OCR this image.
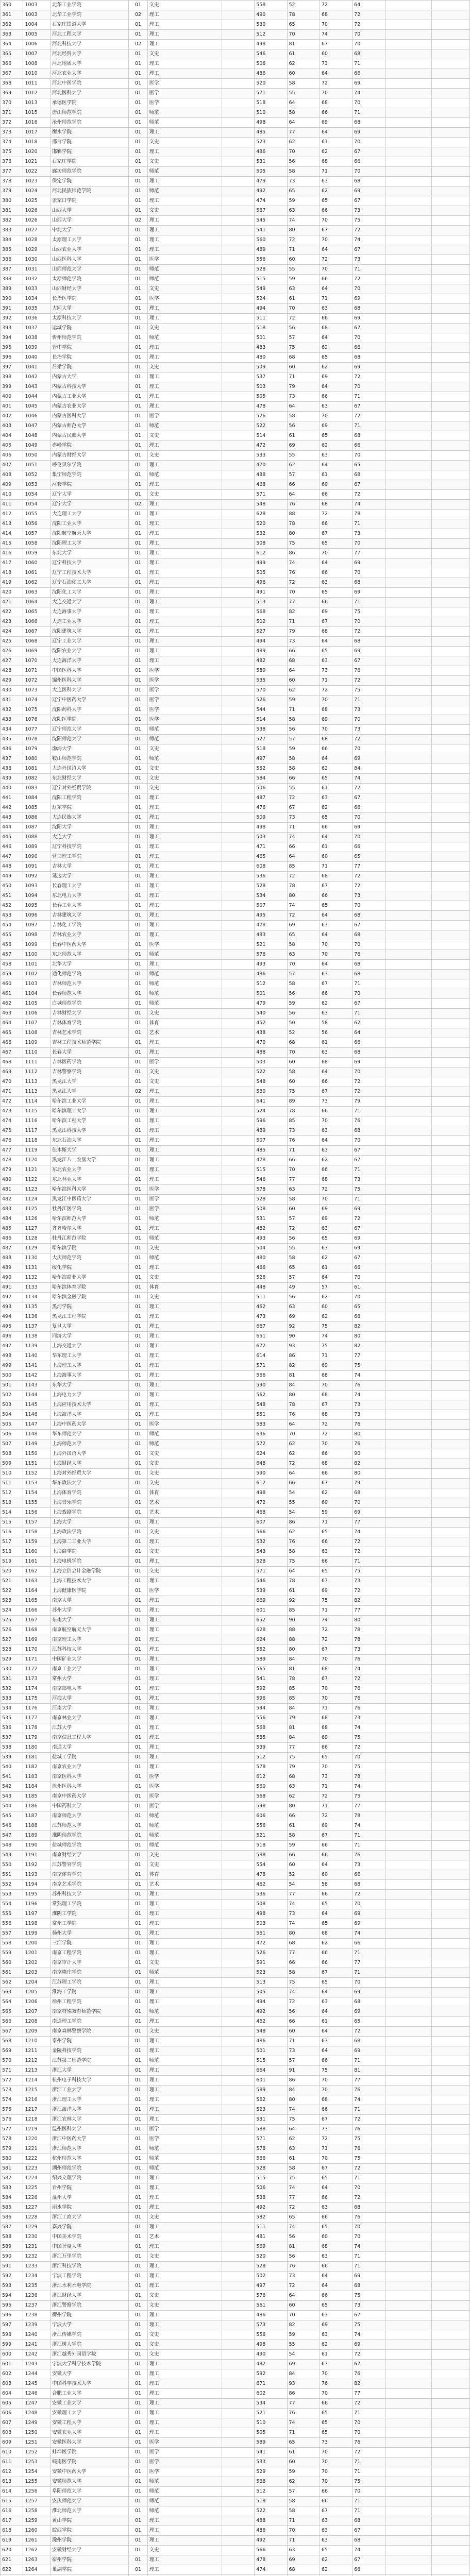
360	1003	北华工业学院	01	文史		558	52	72	64		
361	1003	北华工业学院	02	理工		490	78	68	72		
362	1004	石家庄铁道大学	01	理工		530	65	70	72		
363	1005	河北工程大学	01	理工		512	70	74	70		
364	1006	河北科技大学	02	理工		498	81	67	70		
365	1007	河北经贸大学	01	文史		546	61	60	68		
366	1008	河北地质大学	01	理工		506	62	73	71		
367	1010	河北农业大学	01	理工		486	60	64	66		
368	1011	河北中医学院	01	医学		520	58	72	69		
369	1012	河北医科大学	01	医学		571	55	70	74		
370	1013	承德医学院	01	医学		518	64	68	70		
371	1015	唐山师范学院	01	师范		510	58	66	71		
372	1016	沧州师范学院	01	师范		498	64	69	68		
373	1017	衡水学院	01	理工		485	77	64	69		
374	1018	邢台学院	01	文史		523	62	61	70		
375	1020	邯郸学院	01	理工		486	70	62	67		
376	1021	石家庄学院	01	文史		531	56	68	66		
377	1022	廊坊师范学院	01	师范		505	58	71	70		
378	1023	保定学院	01	理工		479	73	63	68		
379	1024	河北民族师范学院	01	师范		492	65	62	69		
380	1025	张家口学院	01	理工		474	59	65	67		
381	1026	山西大学	01	文史		567	63	66	73		
382	1026	山西大学	02	理工		545	74	70	75		
383	1027	中北大学	01	理工		541	80	67	72		
384	1028	太原理工大学	01	理工		560	72	70	74		
385	1029	山西农业大学	01	理工		489	71	64	67		
386	1030	山西医科大学	01	医学		556	60	72	73		
387	1031	山西师范大学	01	师范		528	55	70	71		
388	1032	太原师范学院	01	师范		515	59	66	72		
389	1033	山西财经大学	01	文史		549	63	64	70		
390	1034	长治医学院	01	医学		524	61	71	69		
391	1035	大同大学	01	理工		494	70	63	68		
392	1036	太原科技大学	01	理工		511	72	66	69		
393	1037	运城学院	01	文史		518	56	68	67		
394	1038	忻州师范学院	01	师范		501	57	64	70		
395	1039	晋中学院	01	理工		483	75	62	66		
396	1040	长治学院	01	理工		480	68	65	68		
397	1041	吕梁学院	01	文史		509	60	62	69		
398	1042	内蒙古大学	01	理工		537	71	69	72		
399	1043	内蒙古科技大学	01	理工		503	79	64	70		
400	1044	内蒙古工业大学	01	理工		505	73	66	71		
401	1045	内蒙古农业大学	01	理工		478	64	63	67		
402	1046	内蒙古医科大学	01	医学		526	58	70	72		
403	1047	内蒙古师范大学	01	师范		522	56	69	71		
404	1048	内蒙古民族大学	01	文史		514	61	65	68		
405	1049	赤峰学院	01	理工		472	69	62	66		
406	1050	内蒙古财经大学	01	文史		533	55	63	70		
407	1051	呼伦贝尔学院	01	理工		470	62	64	65		
408	1052	集宁师范学院	01	师范		488	57	61	68		
409	1053	河套学院	01	理工		468	66	60	67		
410	1054	辽宁大学	01	文史		571	64	66	72		
411	1054	辽宁大学	02	理工		548	76	68	74		
412	1055	大连理工大学	01	理工		628	88	72	78		
413	1056	沈阳工业大学	01	理工		520	78	66	71		
414	1057	沈阳航空航天大学	01	理工		532	80	67	73		
415	1058	沈阳理工大学	01	理工		508	75	65	70		
416	1059	东北大学	01	理工		612	86	70	77		
417	1060	辽宁科技大学	01	理工		499	74	64	69		
418	1061	辽宁工程技术大学	01	理工		505	76	66	70		
419	1062	辽宁石油化工大学	01	理工		496	72	63	68		
420	1063	沈阳化工大学	01	理工		491	70	65	69		
421	1064	大连交通大学	01	理工		513	77	66	71		
422	1065	大连海事大学	01	理工		568	82	69	75		
423	1066	大连工业大学	01	理工		502	71	67	70		
424	1067	沈阳建筑大学	01	理工		527	79	68	72		
425	1068	辽宁工业大学	01	理工		494	73	64	68		
426	1069	沈阳农业大学	01	理工		489	66	65	69		
427	1070	大连海洋大学	01	理工		482	68	63	67		
428	1071	中国医科大学	01	医学		589	64	73	76		
429	1072	锦州医科大学	01	医学		535	60	71	72		
430	1073	大连医科大学	01	医学		570	62	72	75		
431	1074	辽宁中医药大学	01	医学		526	59	70	71		
432	1075	沈阳药科大学	01	医学		544	71	68	73		
433	1076	沈阳医学院	01	医学		514	58	69	70		
434	1077	辽宁师范大学	01	师范		538	56	70	73		
435	1078	沈阳师范大学	01	师范		527	57	68	72		
436	1079	渤海大学	01	文史		518	59	66	70		
437	1080	鞍山师范学院	01	师范		497	58	64	69		
438	1081	大连外国语大学	01	文史		552	58	62	84		
439	1082	东北财经大学	01	文史		584	66	65	74		
440	1083	辽宁对外经贸学院	01	文史		506	55	61	72		
441	1084	沈阳工程学院	01	理工		487	72	63	67		
442	1085	辽东学院	01	理工		476	67	62	66		
443	1086	大连民族大学	01	理工		509	73	65	70		
444	1087	沈阳大学	01	理工		498	71	66	69		
445	1088	大连大学	01	理工		503	74	64	70		
446	1089	辽宁科技学院	01	理工		471	66	61	66		
447	1090	营口理工学院	01	理工		465	64	60	65		
448	1091	吉林大学	01	理工		608	85	71	77		
449	1092	延边大学	01	理工		536	72	68	72		
450	1093	长春理工大学	01	理工		528	78	67	72		
451	1094	东北电力大学	01	理工		534	80	66	73		
452	1095	长春工业大学	01	理工		507	74	65	70		
453	1096	吉林建筑大学	01	理工		495	72	64	68		
454	1097	吉林化工学院	01	理工		478	69	63	67		
455	1098	吉林农业大学	01	理工		483	65	64	68		
456	1099	长春中医药大学	01	医学		521	58	70	70		
457	1100	东北师范大学	01	师范		576	63	70	76		
458	1101	北华大学	01	理工		493	70	64	68		
459	1102	通化师范学院	01	师范		486	57	63	68		
460	1103	吉林师范大学	01	师范		512	58	67	71		
461	1104	长春师范大学	01	师范		501	56	66	70		
462	1105	白城师范学院	01	师范		479	59	62	67		
463	1106	吉林财经大学	01	文史		540	56	63	71		
464	1107	吉林体育学院	01	体育		452	50	58	62		
465	1108	吉林艺术学院	01	艺术		438	52	56	64		
466	1109	吉林工程技术师范学院	01	理工		470	68	61	66		
467	1110	长春大学	01	理工		488	70	63	68		
468	1111	吉林医药学院	01	医学		503	60	68	69		
469	1112	吉林警察学院	01	文史		522	58	64	70		
470	1113	黑龙江大学	01	文史		548	60	66	72		
471	1113	黑龙江大学	02	理工		530	75	67	72		
472	1114	哈尔滨工业大学	01	理工		641	89	73	79		
473	1115	哈尔滨理工大学	01	理工		524	78	66	71		
474	1116	哈尔滨工程大学	01	理工		596	85	70	76		
475	1117	黑龙江科技大学	01	理工		489	73	63	68		
476	1118	东北石油大学	01	理工		507	76	64	70		
477	1119	佳木斯大学	01	理工		485	71	63	67		
478	1120	黑龙江八一农垦大学	01	理工		478	66	62	67		
479	1121	东北农业大学	01	理工		515	70	66	71		
480	1122	东北林业大学	01	理工		546	77	68	73		
481	1123	哈尔滨医科大学	01	医学		578	63	72	75		
482	1124	黑龙江中医药大学	01	医学		528	58	70	71		
483	1125	牡丹江医学院	01	医学		508	60	69	69		
484	1126	哈尔滨师范大学	01	师范		531	57	69	72		
485	1127	齐齐哈尔大学	01	理工		482	72	63	67		
486	1128	牡丹江师范学院	01	师范		493	56	65	69		
487	1129	哈尔滨学院	01	文史		504	55	63	69		
488	1130	大庆师范学院	01	师范		480	58	62	67		
489	1131	绥化学院	01	理工		466	65	61	66		
490	1132	哈尔滨商业大学	01	文史		526	57	64	70		
491	1133	哈尔滨体育学院	01	体育		448	49	57	61		
492	1134	哈尔滨金融学院	01	文史		511	56	62	70		
493	1135	黑河学院	01	理工		462	63	60	65		
494	1136	黑龙江工程学院	01	理工		473	69	62	66		
495	1137	复旦大学	01	理工		667	92	75	82		
496	1138	同济大学	01	理工		651	90	74	80		
497	1139	上海交通大学	01	理工		672	93	75	82		
498	1140	华东理工大学	01	理工		614	86	71	77		
499	1141	上海理工大学	01	理工		571	82	69	75		
500	1142	上海海事大学	01	理工		566	81	68	74		
501	1143	东华大学	01	理工		590	84	70	76		
502	1144	上海电力大学	01	理工		562	80	68	74		
503	1145	上海应用技术大学	01	理工		548	78	67	73		
504	1146	上海海洋大学	01	理工		551	76	68	73		
505	1147	上海中医药大学	01	医学		583	64	72	76		
506	1148	华东师范大学	01	师范		636	70	72	80		
507	1149	上海师范大学	01	师范		572	62	70	76		
508	1150	上海外国语大学	01	文史		624	62	66	90		
509	1151	上海财经大学	01	文史		648	72	68	82		
510	1152	上海对外经贸大学	01	文史		590	64	66	80		
511	1153	华东政法大学	01	文史		612	66	67	79		
512	1154	上海体育学院	01	体育		498	54	62	68		
513	1155	上海音乐学院	01	艺术		472	55	60	70		
514	1156	上海戏剧学院	01	艺术		468	54	59	69		
515	1157	上海大学	01	理工		607	86	71	77		
516	1158	上海政法学院	01	文史		566	62	65	74		
517	1159	上海第二工业大学	01	理工		532	76	66	72		
518	1160	上海商学院	01	文史		543	58	63	72		
519	1161	上海电机学院	01	理工		528	75	66	71		
520	1162	上海立信会计金融学院	01	文史		571	64	65	75		
521	1163	上海工程技术大学	01	理工		546	78	67	73		
522	1164	上海健康医学院	01	医学		539	61	69	72		
523	1165	南京大学	01	理工		669	92	75	82		
524	1166	苏州大学	01	理工		601	85	71	77		
525	1167	东南大学	01	理工		652	90	74	80		
526	1168	南京航空航天大学	01	理工		628	88	72	78		
527	1169	南京理工大学	01	理工		624	88	72	78		
528	1170	江苏科技大学	01	理工		552	80	67	73		
529	1171	中国矿业大学	01	理工		589	84	70	76		
530	1172	南京工业大学	01	理工		565	81	68	74		
531	1173	常州大学	01	理工		541	78	67	72		
532	1174	南京邮电大学	01	理工		592	85	70	76		
533	1175	河海大学	01	理工		596	85	70	76		
534	1176	江南大学	01	理工		594	84	71	76		
535	1177	南京林业大学	01	理工		556	79	68	73		
536	1178	江苏大学	01	理工		568	81	68	74		
537	1179	南京信息工程大学	01	理工		585	84	69	75		
538	1180	南通大学	01	理工		539	77	66	72		
539	1181	盐城工学院	01	理工		512	75	65	70		
540	1182	南京农业大学	01	理工		578	79	70	75		
541	1183	南京医科大学	01	医学		612	68	73	78		
542	1184	徐州医科大学	01	医学		560	63	71	74		
543	1185	南京中医药大学	01	医学		568	62	72	75		
544	1186	中国药科大学	01	医学		598	80	71	77		
545	1187	南京师范大学	01	师范		606	66	72	78		
546	1188	江苏师范大学	01	师范		556	61	69	74		
547	1189	淮阴师范学院	01	师范		521	58	67	71		
548	1190	盐城师范学院	01	师范		518	59	66	71		
549	1191	南京财经大学	01	文史		588	66	66	76		
550	1192	江苏警官学院	01	文史		554	60	64	73		
551	1193	南京体育学院	01	体育		478	52	60	66		
552	1194	南京艺术学院	01	艺术		462	54	58	68		
553	1195	苏州科技大学	01	理工		536	77	66	72		
554	1196	常熟理工学院	01	理工		508	74	65	70		
555	1197	淮阴工学院	01	理工		498	73	64	69		
556	1198	常州工学院	01	理工		503	74	65	69		
557	1199	扬州大学	01	理工		561	80	68	74		
558	1200	三江学院	01	理工		472	68	62	66		
559	1201	南京工程学院	01	理工		526	77	66	71		
560	1202	南京审计大学	01	文史		591	66	66	77		
561	1203	南京晓庄学院	01	师范		523	58	67	71		
562	1204	江苏理工学院	01	理工		513	75	65	70		
563	1205	淮海工学院	01	理工		505	74	64	69		
564	1206	徐州工程学院	01	理工		494	72	63	68		
565	1207	南京特殊教育师范学院	01	师范		492	56	64	69		
566	1208	南通理工学院	01	理工		462	66	61	65		
567	1209	南京森林警察学院	01	文史		548	60	64	72		
568	1210	泰州学院	01	理工		486	71	63	68		
569	1211	金陵科技学院	01	理工		501	73	64	69		
570	1212	江苏第二师范学院	01	师范		515	57	66	71		
571	1213	浙江大学	01	理工		664	91	75	81		
572	1214	杭州电子科技大学	01	理工		601	86	70	77		
573	1215	浙江工业大学	01	理工		589	84	70	76		
574	1216	浙江理工大学	01	理工		562	80	68	74		
575	1217	浙江海洋大学	01	理工		523	74	66	71		
576	1218	浙江农林大学	01	理工		531	75	67	72		
577	1219	温州医科大学	01	医学		588	64	73	76		
578	1220	浙江中医药大学	01	医学		571	62	72	75		
579	1221	浙江师范大学	01	师范		578	63	71	76		
580	1222	杭州师范大学	01	师范		566	61	70	75		
581	1223	湖州师范学院	01	师范		528	58	67	72		
582	1224	绍兴文理学院	01	理工		515	75	65	71		
583	1225	台州学院	01	理工		506	74	64	70		
584	1226	温州大学	01	理工		538	77	66	72		
585	1227	丽水学院	01	理工		492	72	63	68		
586	1228	浙江工商大学	01	文史		582	65	66	76		
587	1229	嘉兴学院	01	理工		511	74	65	70		
588	1230	中国美术学院	01	艺术		481	56	60	70		
589	1231	中国计量大学	01	理工		569	81	68	74		
590	1232	浙江万里学院	01	文史		520	56	63	71		
591	1233	浙江科技学院	01	理工		528	76	66	71		
592	1234	宁波工程学院	01	理工		502	73	64	69		
593	1235	浙江水利水电学院	01	理工		497	72	64	68		
594	1236	浙江财经大学	01	文史		576	64	66	75		
595	1237	浙江警察学院	01	文史		561	60	65	73		
596	1238	衢州学院	01	理工		486	70	63	67		
597	1239	宁波大学	01	理工		573	82	69	75		
598	1240	浙江传媒学院	01	文史		556	59	63	74		
599	1241	浙江树人学院	01	文史		498	55	62	69		
600	1242	浙江越秀外国语学院	01	文史		490	54	61	72		
601	1243	宁波大学科学技术学院	01	理工		482	69	63	67		
602	1244	安徽大学	01	理工		592	84	70	76		
603	1245	中国科学技术大学	01	理工		671	93	76	82		
604	1246	合肥工业大学	01	理工		602	86	70	77		
605	1247	安徽工业大学	01	理工		534	77	66	72		
606	1248	安徽理工大学	01	理工		521	76	65	71		
607	1249	安徽工程大学	01	理工		510	74	65	70		
608	1250	安徽农业大学	01	理工		505	71	65	70		
609	1251	安徽医科大学	01	医学		589	65	73	76		
610	1252	蚌埠医学院	01	医学		541	61	70	72		
611	1253	皖南医学院	01	医学		533	60	70	71		
612	1254	安徽中医药大学	01	医学		529	59	70	71		
613	1255	安徽师范大学	01	师范		568	62	70	75		
614	1256	阜阳师范大学	01	师范		512	57	66	70		
615	1257	安庆师范大学	01	师范		518	58	66	71		
616	1258	淮北师范大学	01	师范		522	58	67	71		
617	1259	黄山学院	01	理工		488	71	63	68		
618	1260	皖西学院	01	理工		486	70	63	67		
619	1261	滁州学院	01	理工		492	71	63	68		
620	1262	安徽财经大学	01	文史		566	63	65	74		
621	1263	宿州学院	01	理工		478	69	62	67		
622	1264	巢湖学院	01	理工		474	68	62	66		
